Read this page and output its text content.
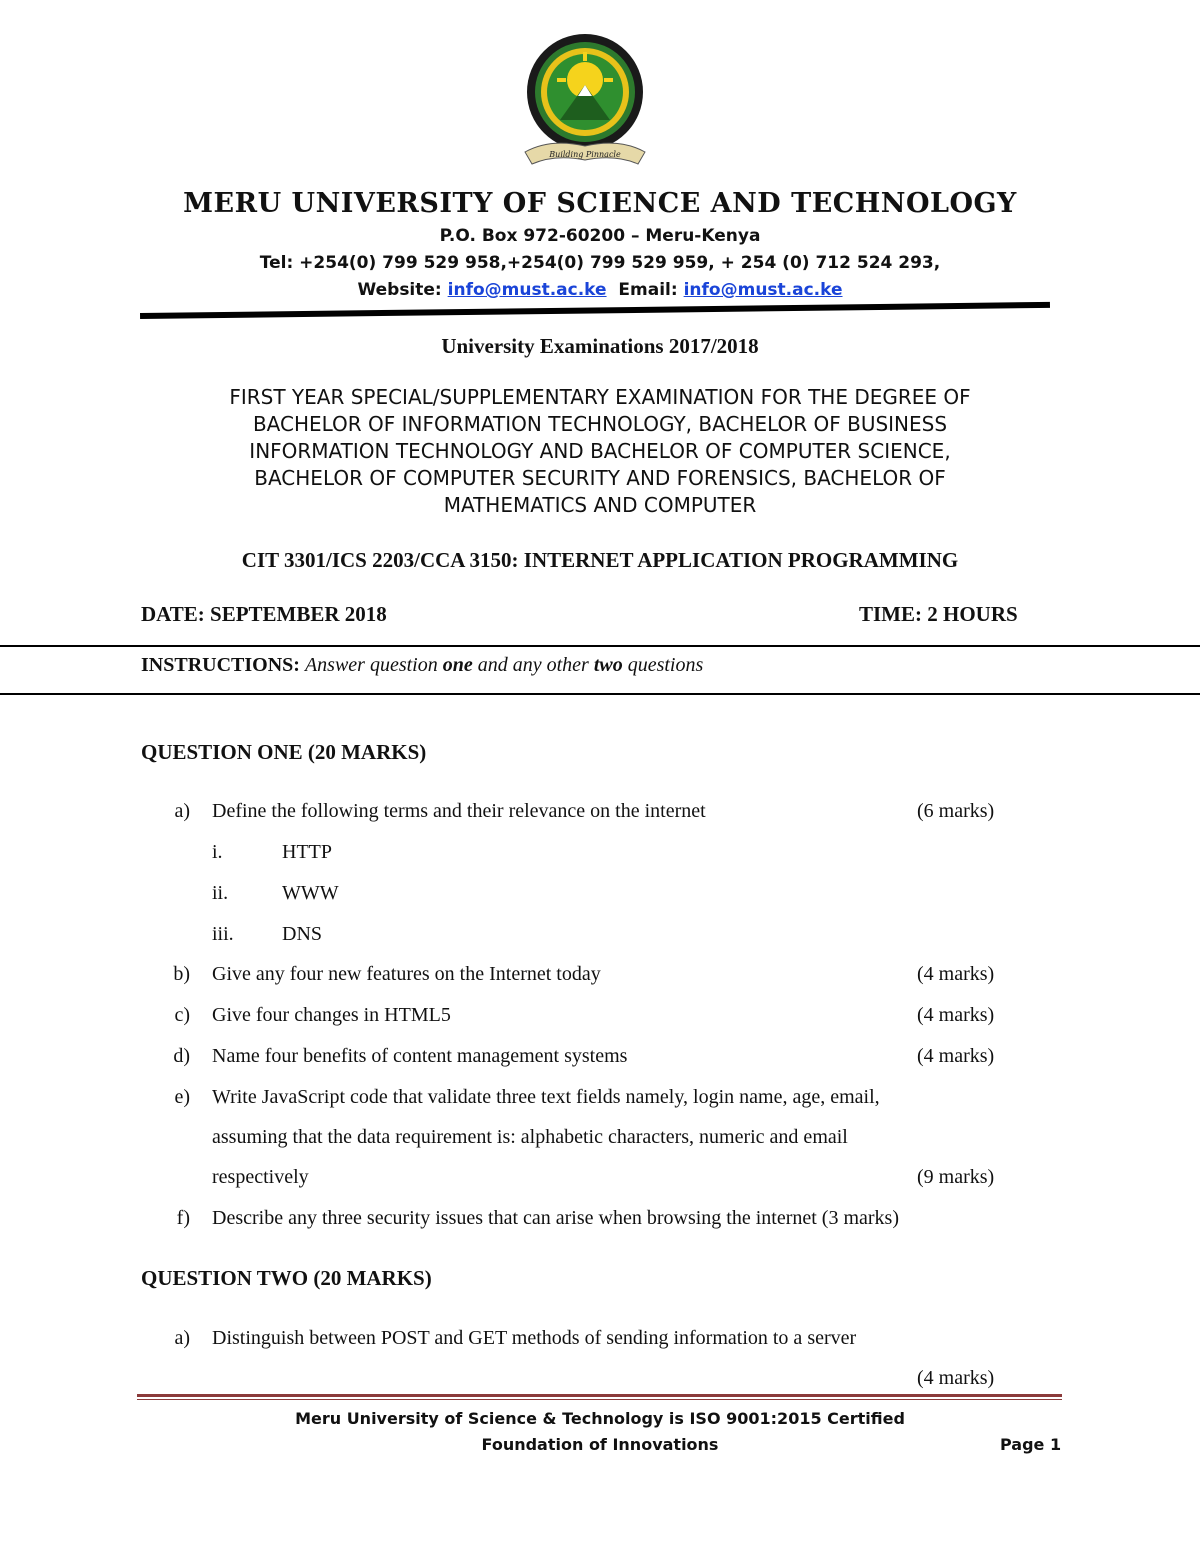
Building Pinnacle
MERU UNIVERSITY OF SCIENCE AND TECHNOLOGY
P.O. Box 972-60200 – Meru-Kenya
Tel: +254(0) 799 529 958,+254(0) 799 529 959, + 254 (0) 712 524 293,
Website: info@must.ac.ke Email: info@must.ac.ke
University Examinations 2017/2018
FIRST YEAR SPECIAL/SUPPLEMENTARY EXAMINATION FOR THE DEGREE OF
BACHELOR OF INFORMATION TECHNOLOGY, BACHELOR OF BUSINESS
INFORMATION TECHNOLOGY AND BACHELOR OF COMPUTER SCIENCE,
BACHELOR OF COMPUTER SECURITY AND FORENSICS, BACHELOR OF
MATHEMATICS AND COMPUTER
CIT 3301/ICS 2203/CCA 3150: INTERNET APPLICATION PROGRAMMING
DATE: SEPTEMBER 2018	TIME: 2 HOURS
INSTRUCTIONS: Answer question one and any other two questions
QUESTION ONE (20 MARKS)
a) Define the following terms and their relevance on the internet	(6 marks)
i.	HTTP
ii.	WWW
iii. DNS
b) Give any four new features on the Internet today	(4 marks)
c) Give four changes in HTML5	(4 marks)
d) Name four benefits of content management systems	(4 marks)
e) Write JavaScript code that validate three text fields namely, login name, age, email,
assuming that the data requirement is: alphabetic characters, numeric and email
respectively	(9 marks)
f) Describe any three security issues that can arise when browsing the internet (3 marks)
QUESTION TWO (20 MARKS)
a) Distinguish between POST and GET methods of sending information to a server
(4 marks)
Meru University of Science & Technology is ISO 9001:2015 Certified
Foundation of Innovations	Page 1
